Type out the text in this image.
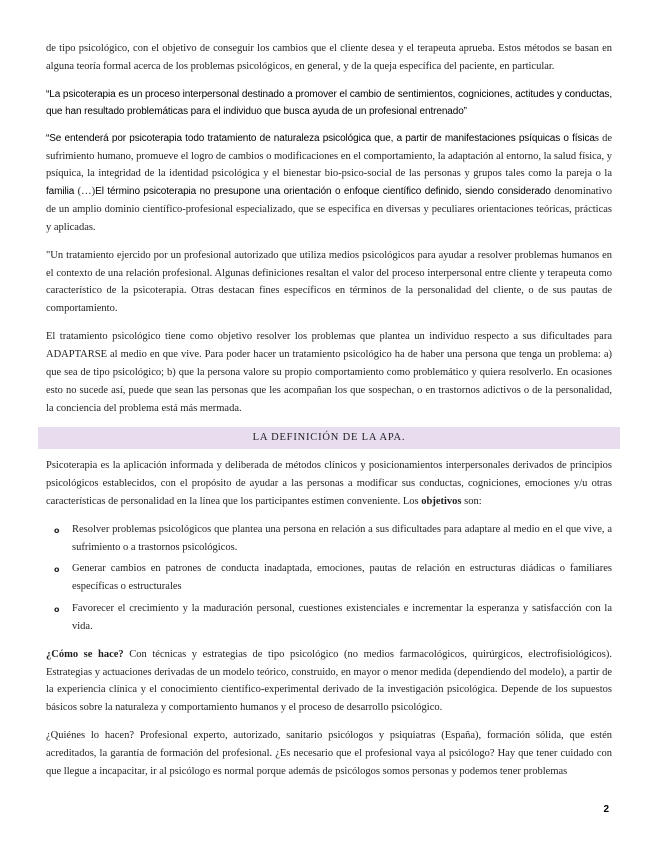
de tipo psicológico, con el objetivo de conseguir los cambios que el cliente desea y el terapeuta aprueba. Estos métodos se basan en alguna teoría formal acerca de los problemas psicológicos, en general, y de la queja específica del paciente, en particular.

“La psicoterapia es un proceso interpersonal destinado a promover el cambio de sentimientos, cogniciones, actitudes y conductas, que han resultado problemáticas para el individuo que busca ayuda de un profesional entrenado”

“Se entenderá por psicoterapia todo tratamiento de naturaleza psicológica que, a partir de manifestaciones psíquicas o físicas de sufrimiento humano, promueve el logro de cambios o modificaciones en el comportamiento, la adaptación al entorno, la salud física, y psíquica, la integridad de la identidad psicológica y el bienestar bio-psico-social de las personas y grupos tales como la pareja o la familia (…)El término psicoterapia no presupone una orientación o enfoque científico definido, siendo considerado denominativo de un amplio dominio científico-profesional especializado, que se especifica en diversas y peculiares orientaciones teóricas, prácticas y aplicadas.

"Un tratamiento ejercido por un profesional autorizado que utiliza medios psicológicos para ayudar a resolver problemas humanos en el contexto de una relación profesional. Algunas definiciones resaltan el valor del proceso interpersonal entre cliente y terapeuta como característico de la psicoterapia. Otras destacan fines específicos en términos de la personalidad del cliente, o de sus pautas de comportamiento.

El tratamiento psicológico tiene como objetivo resolver los problemas que plantea un individuo respecto a sus dificultades para ADAPTARSE al medio en que vive. Para poder hacer un tratamiento psicológico ha de haber una persona que tenga un problema: a) que sea de tipo psicológico; b) que la persona valore su propio comportamiento como problemático y quiera resolverlo. En ocasiones esto no sucede así, puede que sean las personas que les acompañan los que sospechan, o en trastornos adictivos o de la personalidad, la conciencia del problema está más mermada.

LA DEFINICIÓN DE LA APA.

Psicoterapia es la aplicación informada y deliberada de métodos clínicos y posicionamientos interpersonales derivados de principios psicológicos establecidos, con el propósito de ayudar a las personas a modificar sus conductas, cogniciones, emociones y/u otras características de personalidad en la línea que los participantes estimen conveniente. Los objetivos son:

o Resolver problemas psicológicos que plantea una persona en relación a sus dificultades para adaptare al medio en el que vive, a sufrimiento o a trastornos psicológicos.
o Generar cambios en patrones de conducta inadaptada, emociones, pautas de relación en estructuras diádicas o familiares específicas o estructurales
o Favorecer el crecimiento y la maduración personal, cuestiones existenciales e incrementar la esperanza y satisfacción con la vida.

¿Cómo se hace? Con técnicas y estrategias de tipo psicológico (no medios farmacológicos, quirúrgicos, electrofisiológicos). Estrategias y actuaciones derivadas de un modelo teórico, construido, en mayor o menor medida (dependiendo del modelo), a partir de la experiencia clínica y el conocimiento científico-experimental derivado de la investigación psicológica. Depende de los supuestos básicos sobre la naturaleza y comportamiento humanos y el proceso de desarrollo psicológico.

¿Quiénes lo hacen? Profesional experto, autorizado, sanitario psicólogos y psiquiatras (España), formación sólida, que estén acreditados, la garantía de formación del profesional. ¿Es necesario que el profesional vaya al psicólogo? Hay que tener cuidado con que llegue a incapacitar, ir al psicólogo es normal porque además de psicólogos somos personas y podemos tener problemas

2
